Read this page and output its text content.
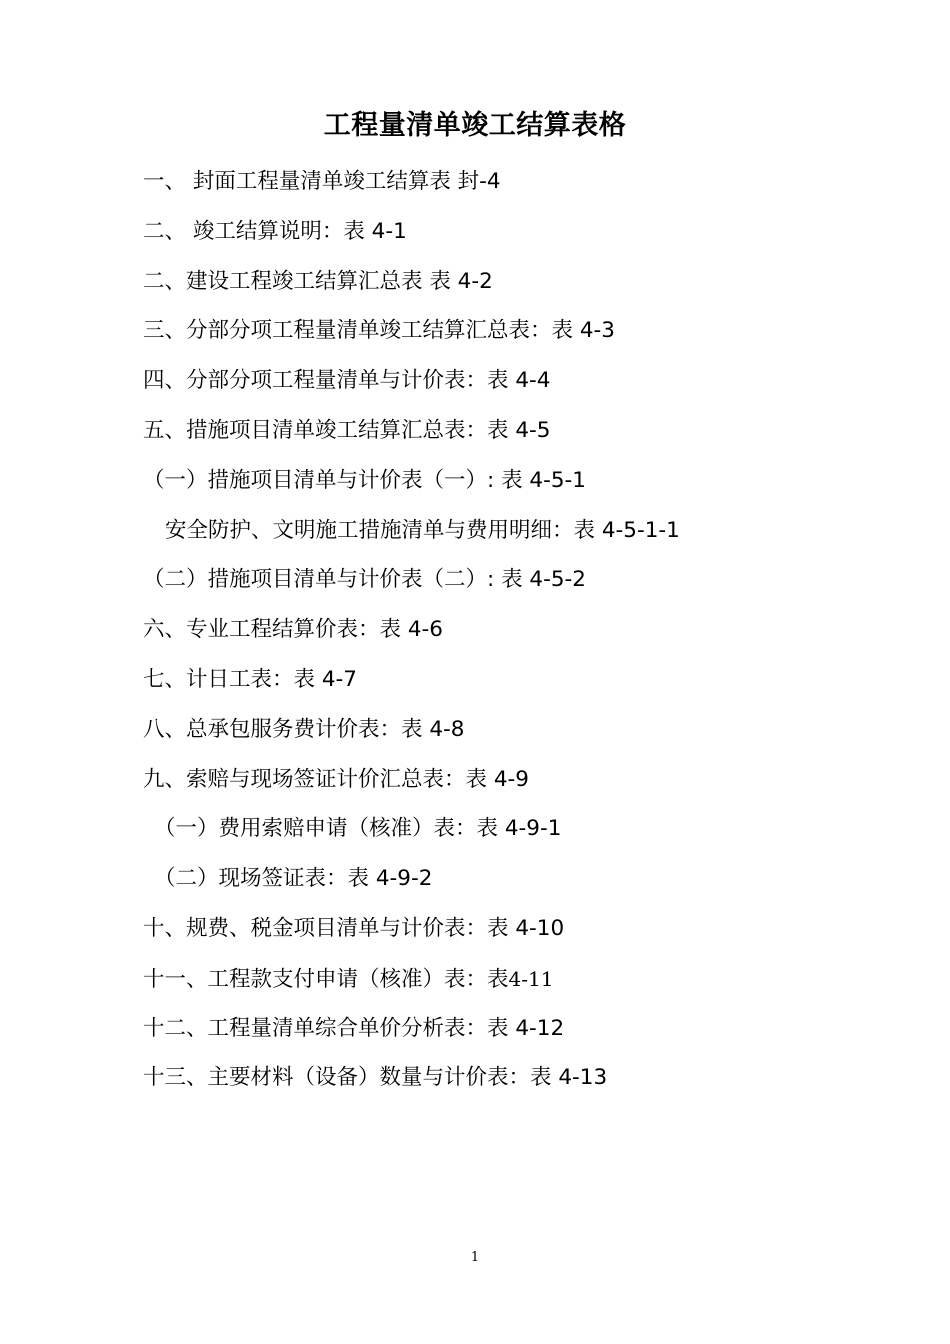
工程量清单竣工结算表格
一、 封面工程量清单竣工结算表 封-4
二、 竣工结算说明：表 4-1
二、建设工程竣工结算汇总表 表 4-2
三、分部分项工程量清单竣工结算汇总表：表 4-3
四、分部分项工程量清单与计价表：表 4-4
五、措施项目清单竣工结算汇总表：表 4-5
（一）措施项目清单与计价表（一）: 表 4-5-1
安全防护、文明施工措施清单与费用明细：表 4-5-1-1
（二）措施项目清单与计价表（二）: 表 4-5-2
六、专业工程结算价表：表 4-6
七、计日工表：表 4-7
八、总承包服务费计价表：表 4-8
九、索赔与现场签证计价汇总表：表 4-9
（一）费用索赔申请（核准）表：表 4-9-1
（二）现场签证表：表 4-9-2
十、规费、税金项目清单与计价表：表 4-10
十一、工程款支付申请（核准）表：表4-11
十二、工程量清单综合单价分析表：表 4-12
十三、主要材料（设备）数量与计价表：表 4-13
1
